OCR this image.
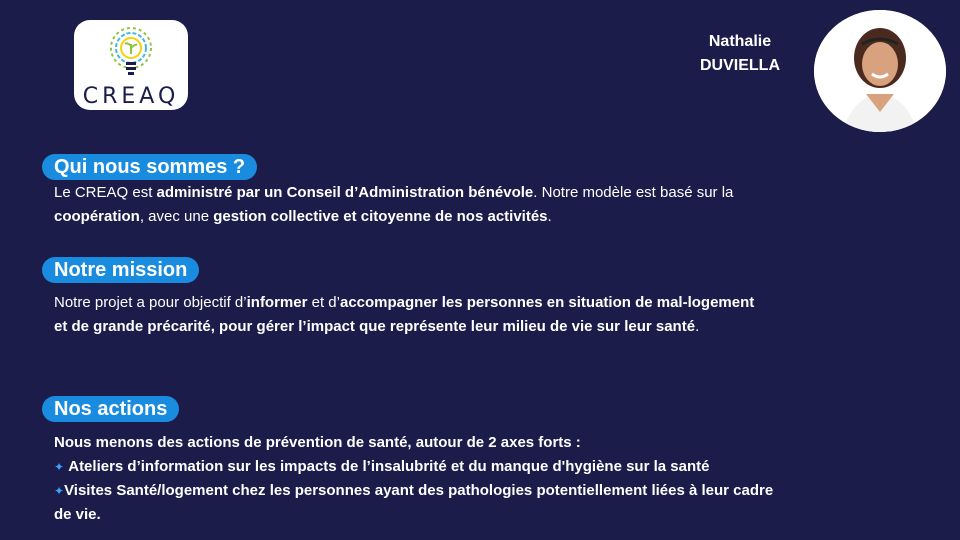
CREAQ
Nathalie
DUVIELLA
Qui nous sommes ?
Le CREAQ est administré par un Conseil d’Administration bénévole. Notre modèle est basé sur la
coopération, avec une gestion collective et citoyenne de nos activités.
Notre mission
Notre projet a pour objectif d’informer et d’accompagner les personnes en situation de mal-logement
et de grande précarité, pour gérer l’impact que représente leur milieu de vie sur leur santé.
Nos actions
Nous menons des actions de prévention de santé, autour de 2 axes forts :
✦ Ateliers d’information sur les impacts de l’insalubrité et du manque d'hygiène sur la santé
✦Visites Santé/logement chez les personnes ayant des pathologies potentiellement liées à leur cadre
de vie.
